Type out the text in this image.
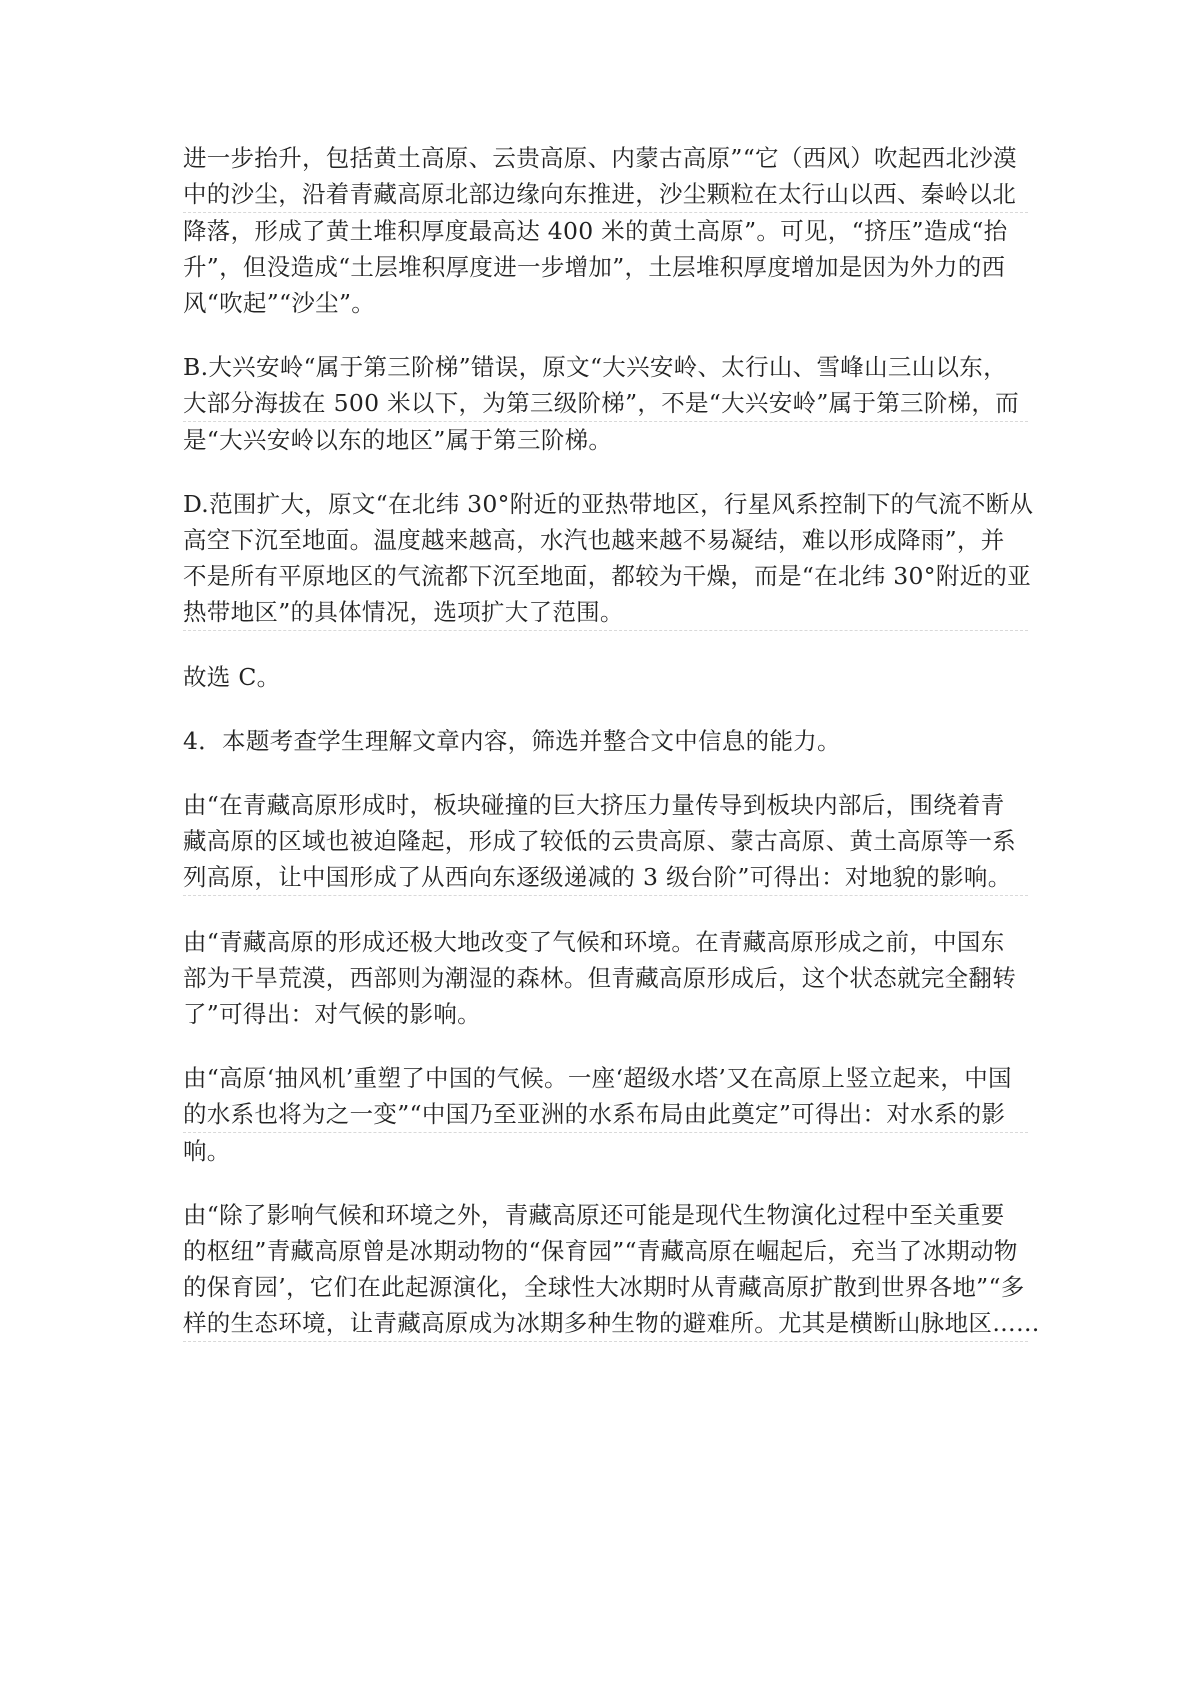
进一步抬升，包括黄土高原、云贵高原、内蒙古高原”“它（西风）吹起西北沙漠
中的沙尘，沿着青藏高原北部边缘向东推进，沙尘颗粒在太行山以西、秦岭以北
降落，形成了黄土堆积厚度最高达 400 米的黄土高原”。可见，“挤压”造成“抬
升”，但没造成“土层堆积厚度进一步增加”，土层堆积厚度增加是因为外力的西
风“吹起”“沙尘”。
B.大兴安岭“属于第三阶梯”错误，原文“大兴安岭、太行山、雪峰山三山以东，
大部分海拔在 500 米以下，为第三级阶梯”，不是“大兴安岭”属于第三阶梯，而
是“大兴安岭以东的地区”属于第三阶梯。
D.范围扩大，原文“在北纬 30°附近的亚热带地区，行星风系控制下的气流不断从
高空下沉至地面。温度越来越高，水汽也越来越不易凝结，难以形成降雨”，并
不是所有平原地区的气流都下沉至地面，都较为干燥，而是“在北纬 30°附近的亚
热带地区”的具体情况，选项扩大了范围。
故选 C。
4．本题考查学生理解文章内容，筛选并整合文中信息的能力。
由“在青藏高原形成时，板块碰撞的巨大挤压力量传导到板块内部后，围绕着青
藏高原的区域也被迫隆起，形成了较低的云贵高原、蒙古高原、黄土高原等一系
列高原，让中国形成了从西向东逐级递减的 3 级台阶”可得出：对地貌的影响。
由“青藏高原的形成还极大地改变了气候和环境。在青藏高原形成之前，中国东
部为干旱荒漠，西部则为潮湿的森林。但青藏高原形成后，这个状态就完全翻转
了”可得出：对气候的影响。
由“高原‘抽风机’重塑了中国的气候。一座‘超级水塔’又在高原上竖立起来，中国
的水系也将为之一变”“中国乃至亚洲的水系布局由此奠定”可得出：对水系的影
响。
由“除了影响气候和环境之外，青藏高原还可能是现代生物演化过程中至关重要
的枢纽”青藏高原曾是冰期动物的“保育园”“青藏高原在崛起后，充当了冰期动物
的保育园’，它们在此起源演化，全球性大冰期时从青藏高原扩散到世界各地”“多
样的生态环境，让青藏高原成为冰期多种生物的避难所。尤其是横断山脉地区……
